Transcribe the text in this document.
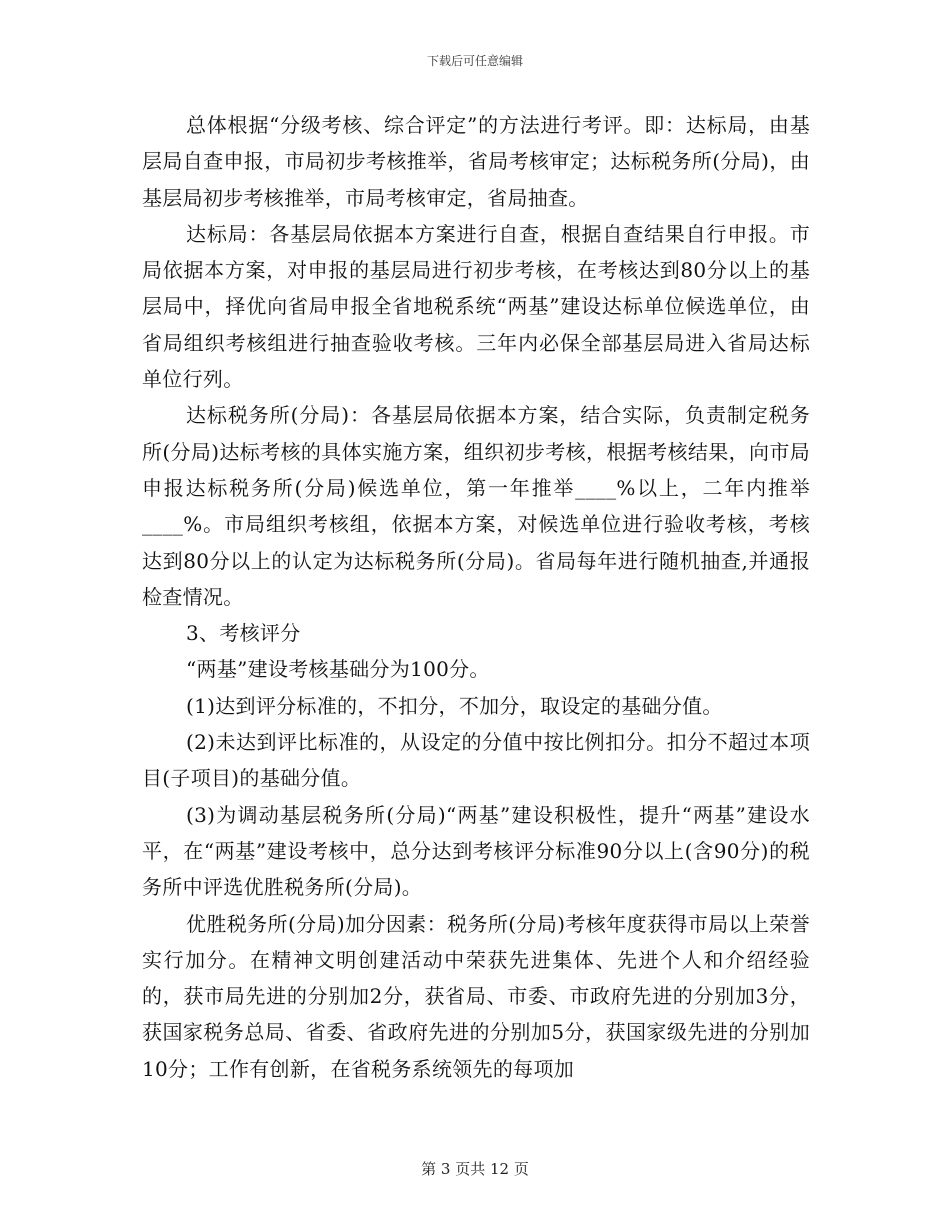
下载后可任意编辑

总体根据“分级考核、综合评定”的方法进行考评。即：达标局，由基层局自查申报，市局初步考核推举，省局考核审定；达标税务所(分局)，由基层局初步考核推举，市局考核审定，省局抽查。

达标局：各基层局依据本方案进行自查，根据自查结果自行申报。市局依据本方案，对申报的基层局进行初步考核，在考核达到80分以上的基层局中，择优向省局申报全省地税系统“两基”建设达标单位候选单位，由省局组织考核组进行抽查验收考核。三年内必保全部基层局进入省局达标单位行列。

达标税务所(分局)：各基层局依据本方案，结合实际，负责制定税务所(分局)达标考核的具体实施方案，组织初步考核，根据考核结果，向市局申报达标税务所(分局)候选单位，第一年推举____%以上，二年内推举____%。市局组织考核组，依据本方案，对候选单位进行验收考核，考核达到80分以上的认定为达标税务所(分局)。省局每年进行随机抽查,并通报检查情况。

3、考核评分

“两基”建设考核基础分为100分。

(1)达到评分标准的，不扣分，不加分，取设定的基础分值。

(2)未达到评比标准的，从设定的分值中按比例扣分。扣分不超过本项目(子项目)的基础分值。

(3)为调动基层税务所(分局)“两基”建设积极性，提升“两基”建设水平，在“两基”建设考核中，总分达到考核评分标准90分以上(含90分)的税务所中评选优胜税务所(分局)。

优胜税务所(分局)加分因素：税务所(分局)考核年度获得市局以上荣誉实行加分。在精神文明创建活动中荣获先进集体、先进个人和介绍经验的，获市局先进的分别加2分，获省局、市委、市政府先进的分别加3分，获国家税务总局、省委、省政府先进的分别加5分，获国家级先进的分别加10分；工作有创新，在省税务系统领先的每项加

第 3 页共 12 页
